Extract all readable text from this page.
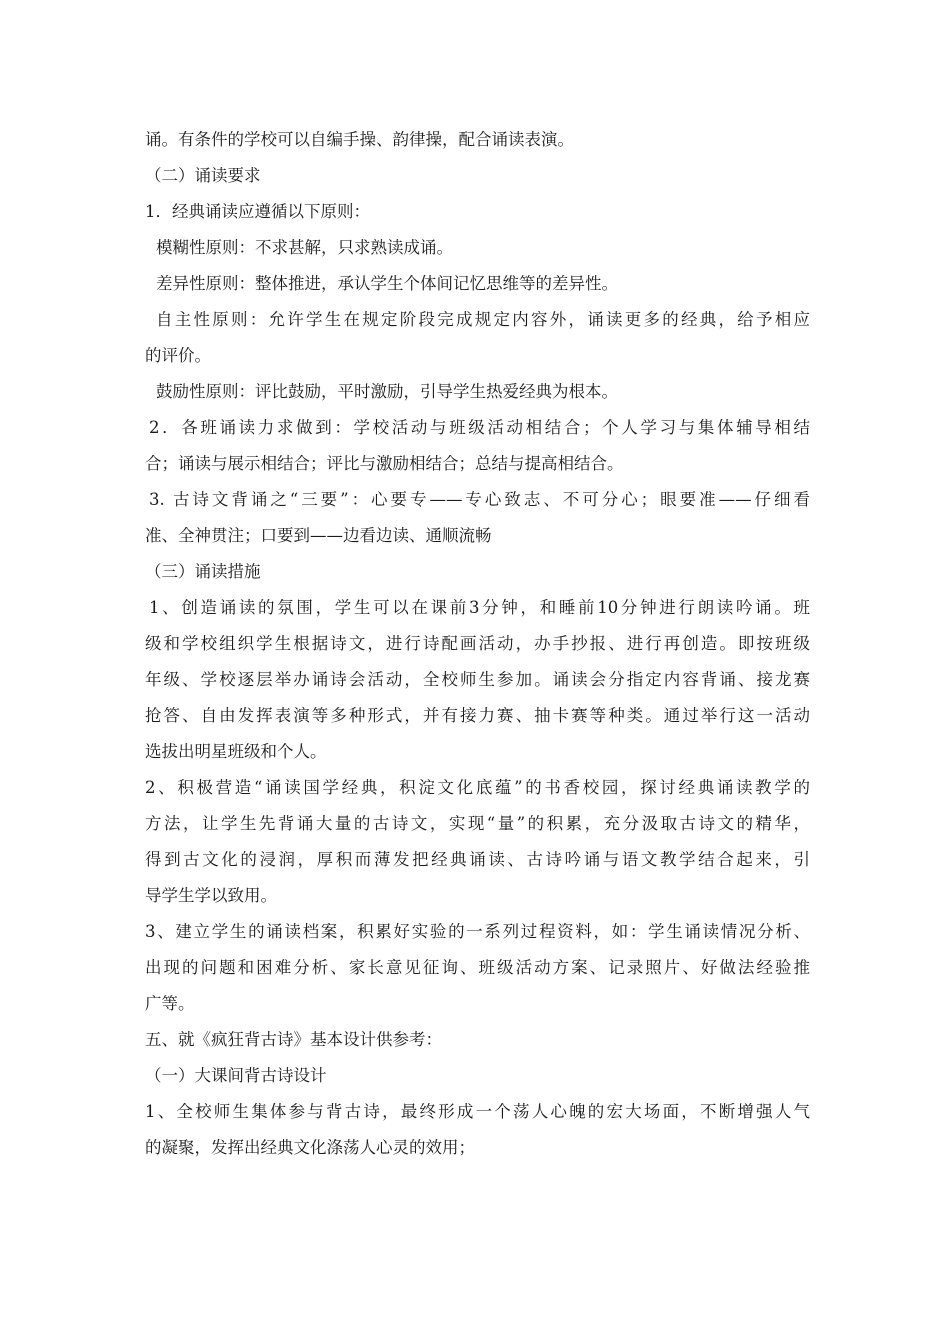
诵。有条件的学校可以自编手操、韵律操，配合诵读表演。
（二）诵读要求
1．经典诵读应遵循以下原则：
模糊性原则：不求甚解，只求熟读成诵。
差异性原则：整体推进，承认学生个体间记忆思维等的差异性。
自主性原则：允许学生在规定阶段完成规定内容外，诵读更多的经典，给予相应
的评价。
鼓励性原则：评比鼓励，平时激励，引导学生热爱经典为根本。
2．各班诵读力求做到：学校活动与班级活动相结合；个人学习与集体辅导相结
合；诵读与展示相结合；评比与激励相结合；总结与提高相结合。
3. 古诗文背诵之“三要”：心要专——专心致志、不可分心；眼要准——仔细看
准、全神贯注；口要到——边看边读、通顺流畅
（三）诵读措施
1、创造诵读的氛围，学生可以在课前3分钟，和睡前10分钟进行朗读吟诵。班
级和学校组织学生根据诗文，进行诗配画活动，办手抄报、进行再创造。即按班级
年级、学校逐层举办诵诗会活动，全校师生参加。诵读会分指定内容背诵、接龙赛
抢答、自由发挥表演等多种形式，并有接力赛、抽卡赛等种类。通过举行这一活动
选拔出明星班级和个人。
2、积极营造“诵读国学经典，积淀文化底蕴”的书香校园，探讨经典诵读教学的
方法，让学生先背诵大量的古诗文，实现“量”的积累，充分汲取古诗文的精华，
得到古文化的浸润，厚积而薄发把经典诵读、古诗吟诵与语文教学结合起来，引
导学生学以致用。
3、建立学生的诵读档案，积累好实验的一系列过程资料，如：学生诵读情况分析、
出现的问题和困难分析、家长意见征询、班级活动方案、记录照片、好做法经验推
广等。
五、就《疯狂背古诗》基本设计供参考：
（一）大课间背古诗设计
1、全校师生集体参与背古诗，最终形成一个荡人心魄的宏大场面，不断增强人气
的凝聚，发挥出经典文化涤荡人心灵的效用；
